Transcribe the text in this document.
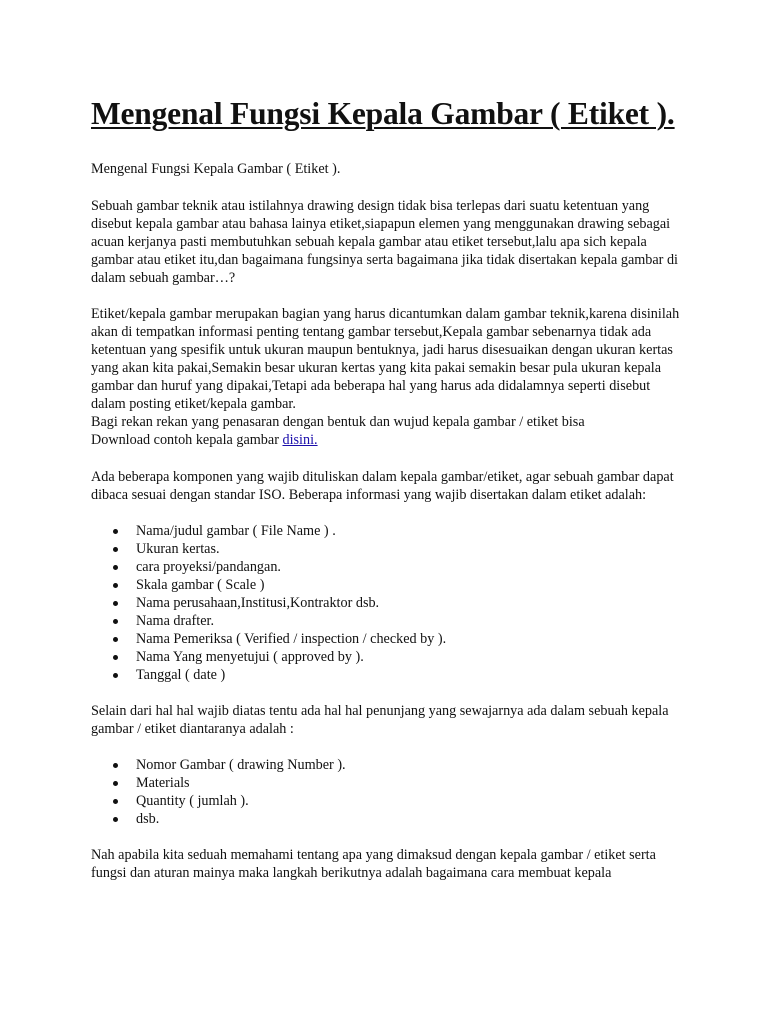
Mengenal Fungsi Kepala Gambar ( Etiket ).

Mengenal Fungsi Kepala Gambar ( Etiket ).

Sebuah gambar teknik atau istilahnya drawing design tidak bisa terlepas dari suatu ketentuan yang disebut kepala gambar atau bahasa lainya etiket,siapapun elemen yang menggunakan drawing sebagai acuan kerjanya pasti membutuhkan sebuah kepala gambar atau etiket tersebut,lalu apa sich kepala gambar atau etiket itu,dan bagaimana fungsinya serta bagaimana jika tidak disertakan kepala gambar di dalam sebuah gambar…?

Etiket/kepala gambar merupakan bagian yang harus dicantumkan dalam gambar teknik,karena disinilah akan di tempatkan informasi penting tentang gambar tersebut,Kepala gambar sebenarnya tidak ada ketentuan yang spesifik untuk ukuran maupun bentuknya, jadi harus disesuaikan dengan ukuran kertas yang akan kita pakai,Semakin besar ukuran kertas yang kita pakai semakin besar pula ukuran kepala gambar dan huruf yang dipakai,Tetapi ada beberapa hal yang harus ada didalamnya seperti disebut dalam posting etiket/kepala gambar.

Bagi rekan rekan yang penasaran dengan bentuk dan wujud kepala gambar / etiket bisa

Download contoh kepala gambar disini.

Ada beberapa komponen yang wajib dituliskan dalam kepala gambar/etiket, agar sebuah gambar dapat dibaca sesuai dengan standar ISO. Beberapa informasi yang wajib disertakan dalam etiket adalah:

Nama/judul gambar ( File Name ) .
Ukuran kertas.
cara proyeksi/pandangan.
Skala gambar ( Scale )
Nama perusahaan,Institusi,Kontraktor dsb.
Nama drafter.
Nama Pemeriksa ( Verified / inspection / checked by ).
Nama Yang menyetujui ( approved by ).
Tanggal ( date )

Selain dari hal hal wajib diatas tentu ada hal hal penunjang yang sewajarnya ada dalam sebuah kepala gambar / etiket diantaranya adalah :

Nomor Gambar ( drawing Number ).
Materials
Quantity ( jumlah ).
dsb.

Nah apabila kita seduah memahami tentang apa yang dimaksud dengan kepala gambar / etiket serta fungsi dan aturan mainya maka langkah berikutnya adalah bagaimana cara membuat kepala
